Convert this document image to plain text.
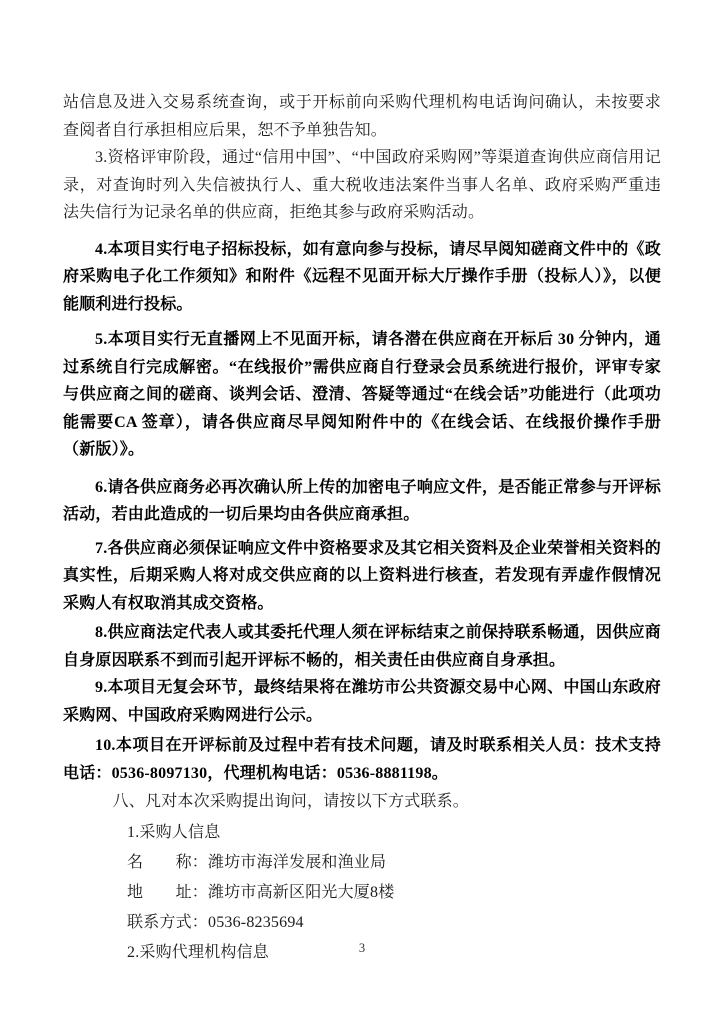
站信息及进入交易系统查询，或于开标前向采购代理机构电话询问确认，未按要求查阅者自行承担相应后果，恕不予单独告知。

3.资格评审阶段，通过“信用中国”、“中国政府采购网”等渠道查询供应商信用记录，对查询时列入失信被执行人、重大税收违法案件当事人名单、政府采购严重违法失信行为记录名单的供应商，拒绝其参与政府采购活动。

4.本项目实行电子招标投标，如有意向参与投标，请尽早阅知磋商文件中的《政府采购电子化工作须知》和附件《远程不见面开标大厅操作手册（投标人）》，以便能顺利进行投标。

5.本项目实行无直播网上不见面开标，请各潜在供应商在开标后 30 分钟内，通过系统自行完成解密。“在线报价”需供应商自行登录会员系统进行报价，评审专家与供应商之间的磋商、谈判会话、澄清、答疑等通过“在线会话”功能进行（此项功能需要CA 签章），请各供应商尽早阅知附件中的《在线会话、在线报价操作手册（新版）》。

6.请各供应商务必再次确认所上传的加密电子响应文件，是否能正常参与开评标活动，若由此造成的一切后果均由各供应商承担。

7.各供应商必须保证响应文件中资格要求及其它相关资料及企业荣誉相关资料的真实性，后期采购人将对成交供应商的以上资料进行核查，若发现有弄虚作假情况采购人有权取消其成交资格。

8.供应商法定代表人或其委托代理人须在评标结束之前保持联系畅通，因供应商自身原因联系不到而引起开评标不畅的，相关责任由供应商自身承担。

9.本项目无复会环节，最终结果将在潍坊市公共资源交易中心网、中国山东政府采购网、中国政府采购网进行公示。

10.本项目在开评标前及过程中若有技术问题，请及时联系相关人员：技术支持电话：0536-8097130，代理机构电话：0536-8881198。

八、凡对本次采购提出询问，请按以下方式联系。

1.采购人信息

名　　称：潍坊市海洋发展和渔业局

地　　址：潍坊市高新区阳光大厦8楼

联系方式：0536-8235694

2.采购代理机构信息	3
